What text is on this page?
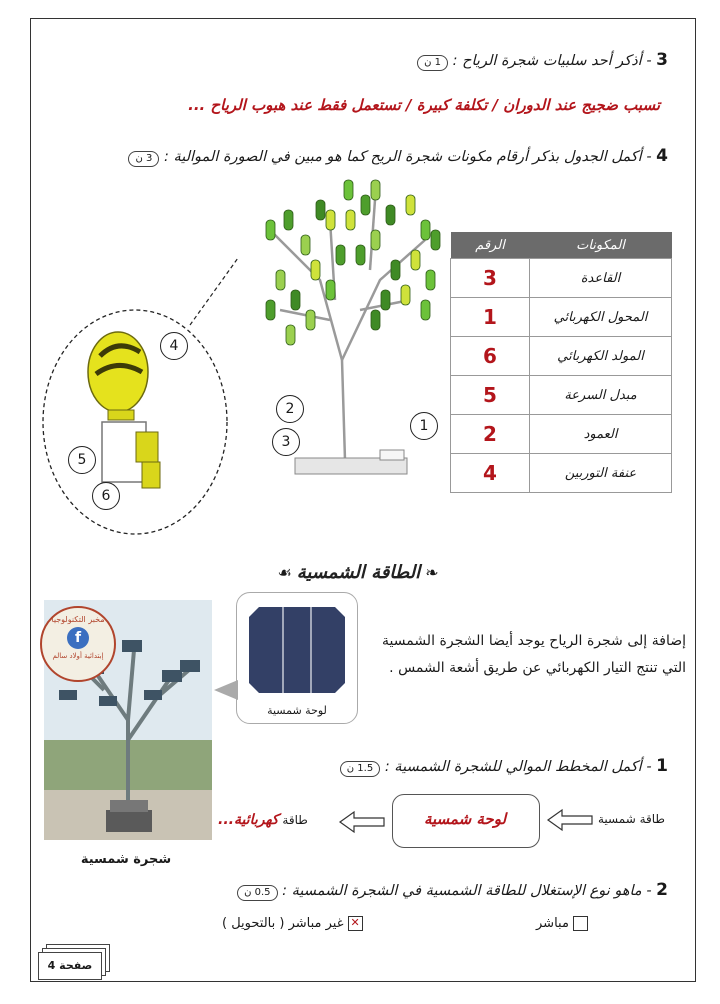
3 - أذكر أحد سلبيات شجرة الرياح : 1 ن
تسبب ضجيج عند الدوران / تكلفة كبيرة / تستعمل فقط عند هبوب الرياح ...
4 - أكمل الجدول بذكر أرقام مكونات شجرة الريح كما هو مبين في الصورة الموالية : 3 ن
1
2
3
4
5
6
المكونات	الرقم
القاعدة	3
المحول الكهربائي	1
المولد الكهربائي	6
مبدل السرعة	5
العمود	2
عنفة التوربين	4
❧ الطاقة الشمسية ☙
مخبر التكنولوجيا
f
إبتدائية أولاد سالم
شجرة شمسية
لوحة شمسية
إضافة إلى شجرة الرياح يوجد أيضا الشجرة الشمسية التي تنتج التيار الكهربائي عن طريق أشعة الشمس .
1 - أكمل المخطط الموالي للشجرة الشمسية : 1.5 ن
طاقة شمسية
لوحة شمسية
طاقة كهربائية...
2 - ماهو نوع الإستغلال للطاقة الشمسية في الشجرة الشمسية : 0.5 ن
مباشر
✕ غير مباشر ( بالتحويل )
صفحة 4
